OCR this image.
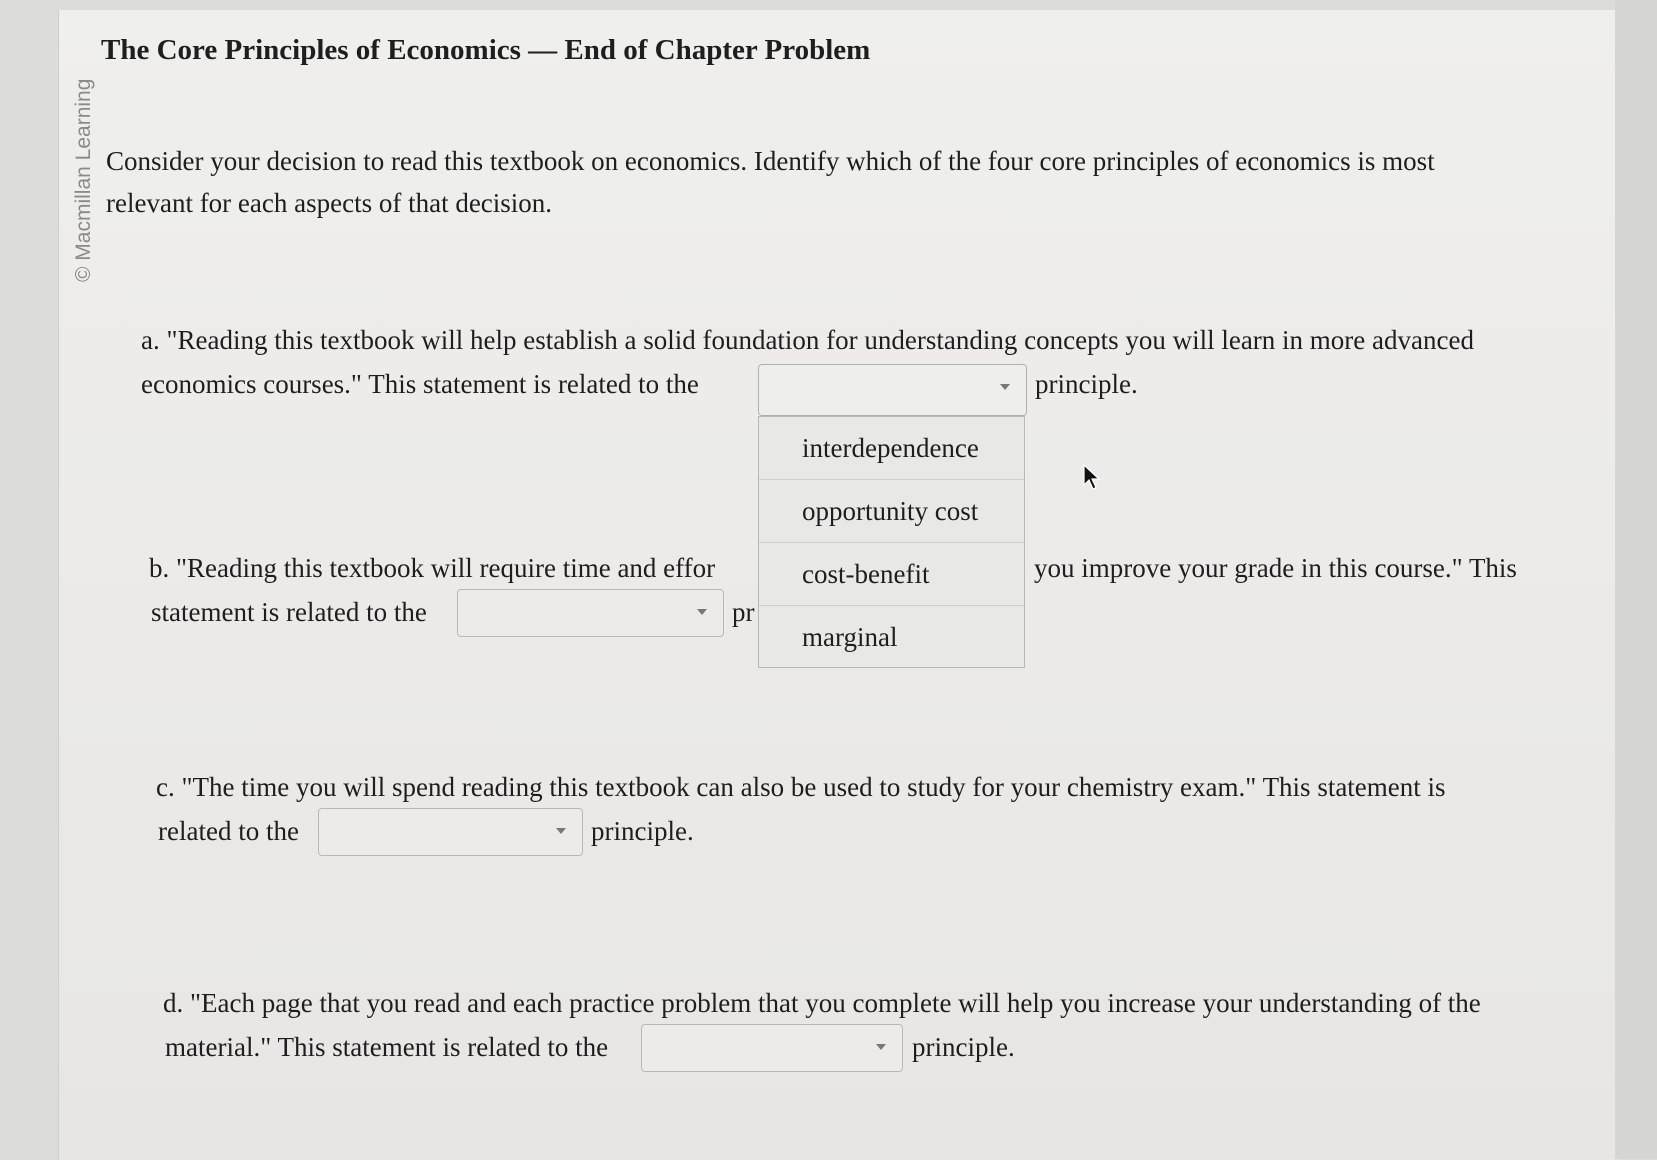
© Macmillan Learning
The Core Principles of Economics — End of Chapter Problem
Consider your decision to read this textbook on economics. Identify which of the four core principles of economics is most
relevant for each aspects of that decision.
a. "Reading this textbook will help establish a solid foundation for understanding concepts you will learn in more advanced
economics courses." This statement is related to the	principle.
interdependence
opportunity cost
cost-benefit
marginal
b. "Reading this textbook will require time and effor	you improve your grade in this course." This
statement is related to the	pr
c. "The time you will spend reading this textbook can also be used to study for your chemistry exam." This statement is
related to the	principle.
d. "Each page that you read and each practice problem that you complete will help you increase your understanding of the
material." This statement is related to the	principle.
